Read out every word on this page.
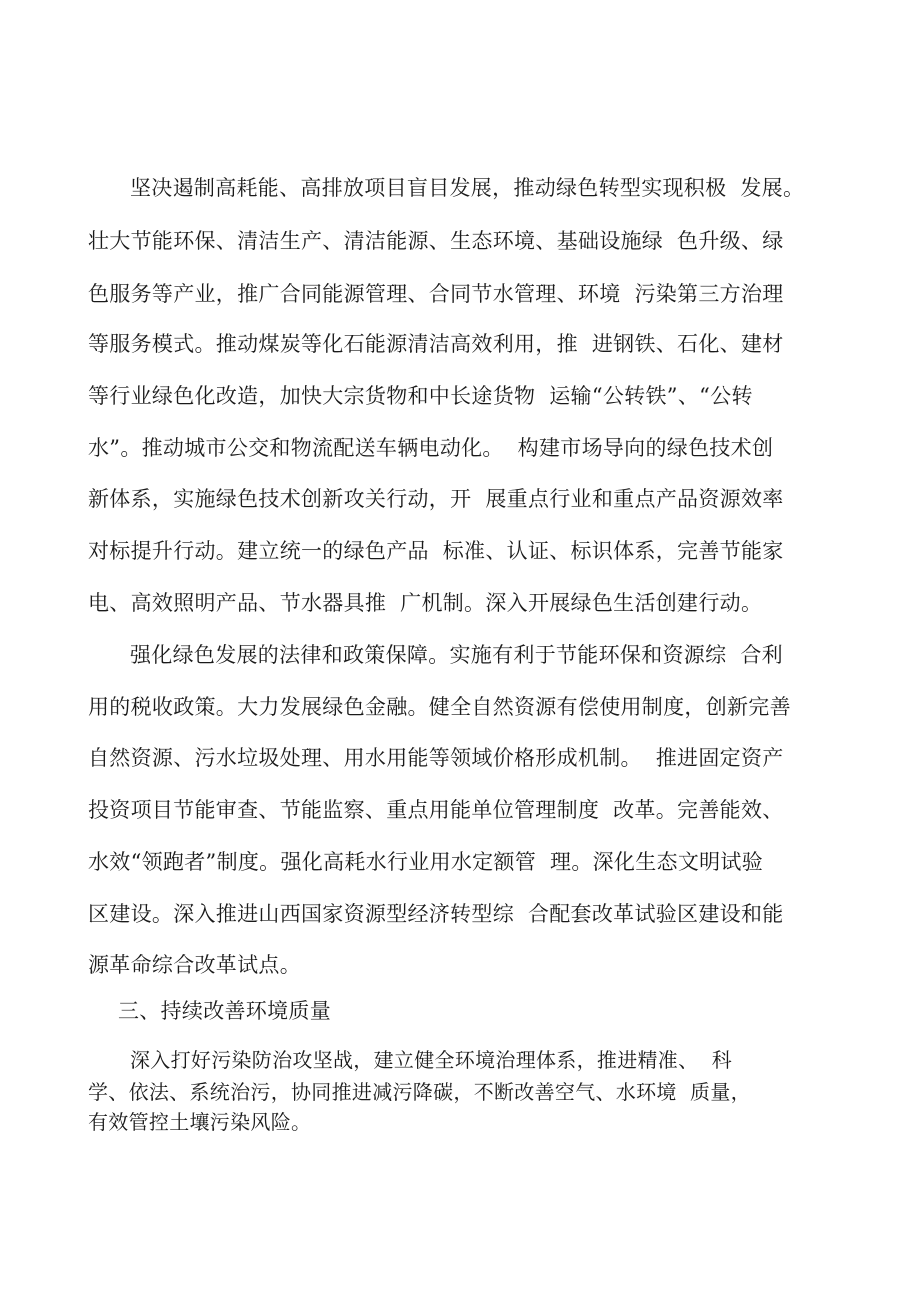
坚决遏制高耗能、高排放项目盲目发展，推动绿色转型实现积极  发展。
壮大节能环保、清洁生产、清洁能源、生态环境、基础设施绿  色升级、绿
色服务等产业，推广合同能源管理、合同节水管理、环境  污染第三方治理
等服务模式。推动煤炭等化石能源清洁高效利用，推  进钢铁、石化、建材
等行业绿色化改造，加快大宗货物和中长途货物  运输“公转铁”、“公转
水”。推动城市公交和物流配送车辆电动化。  构建市场导向的绿色技术创
新体系，实施绿色技术创新攻关行动，开  展重点行业和重点产品资源效率
对标提升行动。建立统一的绿色产品  标准、认证、标识体系，完善节能家
电、高效照明产品、节水器具推  广机制。深入开展绿色生活创建行动。
强化绿色发展的法律和政策保障。实施有利于节能环保和资源综  合利
用的税收政策。大力发展绿色金融。健全自然资源有偿使用制度，创新完善
自然资源、污水垃圾处理、用水用能等领域价格形成机制。  推进固定资产
投资项目节能审查、节能监察、重点用能单位管理制度  改革。完善能效、
水效“领跑者”制度。强化高耗水行业用水定额管  理。深化生态文明试验
区建设。深入推进山西国家资源型经济转型综  合配套改革试验区建设和能
源革命综合改革试点。
三、持续改善环境质量
深入打好污染防治攻坚战，建立健全环境治理体系，推进精准、  科
学、依法、系统治污，协同推进减污降碳，不断改善空气、水环境  质量，
有效管控土壤污染风险。
